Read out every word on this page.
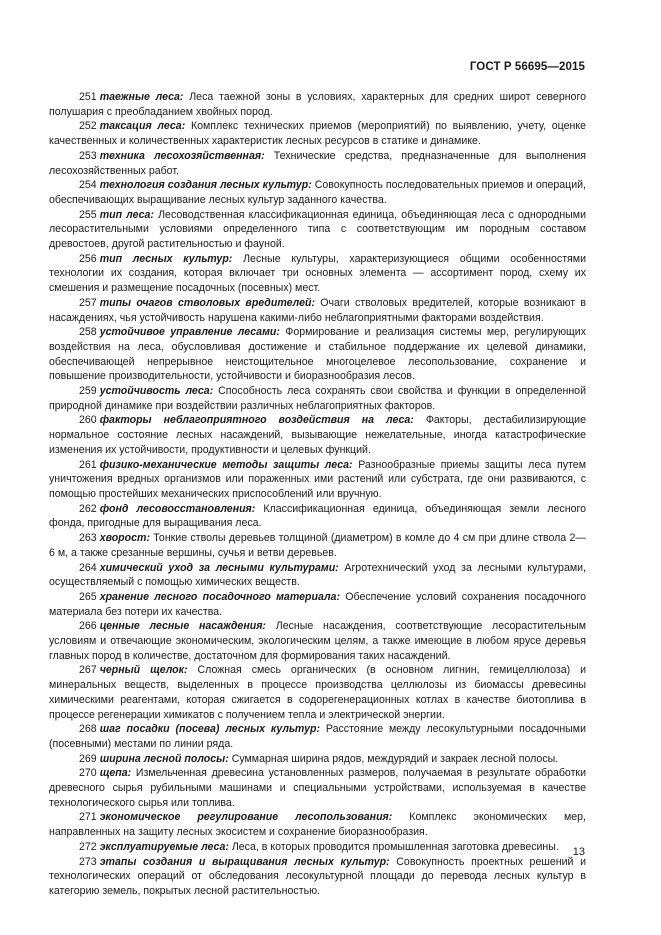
ГОСТ Р 56695—2015

251 таежные леса: Леса таежной зоны в условиях, характерных для средних широт северного полушария с преобладанием хвойных пород.

252 таксация леса: Комплекс технических приемов (мероприятий) по выявлению, учету, оценке качественных и количественных характеристик лесных ресурсов в статике и динамике.

253 техника лесохозяйственная: Технические средства, предназначенные для выполнения лесохозяйственных работ.

254 технология создания лесных культур: Совокупность последовательных приемов и операций, обеспечивающих выращивание лесных культур заданного качества.

255 тип леса: Лесоводственная классификационная единица, объединяющая леса с однородными лесорастительными условиями определенного типа с соответствующим им породным составом древостоев, другой растительностью и фауной.

256 тип лесных культур: Лесные культуры, характеризующиеся общими особенностями технологии их создания, которая включает три основных элемента — ассортимент пород, схему их смешения и размещение посадочных (посевных) мест.

257 типы очагов стволовых вредителей: Очаги стволовых вредителей, которые возникают в насаждениях, чья устойчивость нарушена какими-либо неблагоприятными факторами воздействия.

258 устойчивое управление лесами: Формирование и реализация системы мер, регулирующих воздействия на леса, обусловливая достижение и стабильное поддержание их целевой динамики, обеспечивающей непрерывное неистощительное многоцелевое лесопользование, сохранение и повышение производительности, устойчивости и биоразнообразия лесов.

259 устойчивость леса: Способность леса сохранять свои свойства и функции в определенной природной динамике при воздействии различных неблагоприятных факторов.

260 факторы неблагоприятного воздействия на леса: Факторы, дестабилизирующие нормальное состояние лесных насаждений, вызывающие нежелательные, иногда катастрофические изменения их устойчивости, продуктивности и целевых функций.

261 физико-механические методы защиты леса: Разнообразные приемы защиты леса путем уничтожения вредных организмов или пораженных ими растений или субстрата, где они развиваются, с помощью простейших механических приспособлений или вручную.

262 фонд лесовосстановления: Классификационная единица, объединяющая земли лесного фонда, пригодные для выращивания леса.

263 хворост: Тонкие стволы деревьев толщиной (диаметром) в комле до 4 см при длине ствола 2—6 м, а также срезанные вершины, сучья и ветви деревьев.

264 химический уход за лесными культурами: Агротехнический уход за лесными культурами, осуществляемый с помощью химических веществ.

265 хранение лесного посадочного материала: Обеспечение условий сохранения посадочного материала без потери их качества.

266 ценные лесные насаждения: Лесные насаждения, соответствующие лесорастительным условиям и отвечающие экономическим, экологическим целям, а также имеющие в любом ярусе деревья главных пород в количестве, достаточном для формирования таких насаждений.

267 черный щелок: Сложная смесь органических (в основном лигнин, гемицеллюлоза) и минеральных веществ, выделенных в процессе производства целлюлозы из биомассы древесины химическими реагентами, которая сжигается в содорегенерационных котлах в качестве биотоплива в процессе регенерации химикатов с получением тепла и электрической энергии.

268 шаг посадки (посева) лесных культур: Расстояние между лесокультурными посадочными (посевными) местами по линии ряда.

269 ширина лесной полосы: Суммарная ширина рядов, междурядий и закраек лесной полосы.

270 щепа: Измельченная древесина установленных размеров, получаемая в результате обработки древесного сырья рубильными машинами и специальными устройствами, используемая в качестве технологического сырья или топлива.

271 экономическое регулирование лесопользования: Комплекс экономических мер, направленных на защиту лесных экосистем и сохранение биоразнообразия.

272 эксплуатируемые леса: Леса, в которых проводится промышленная заготовка древесины.

273 этапы создания и выращивания лесных культур: Совокупность проектных решений и технологических операций от обследования лесокультурной площади до перевода лесных культур в категорию земель, покрытых лесной растительностью.

13
